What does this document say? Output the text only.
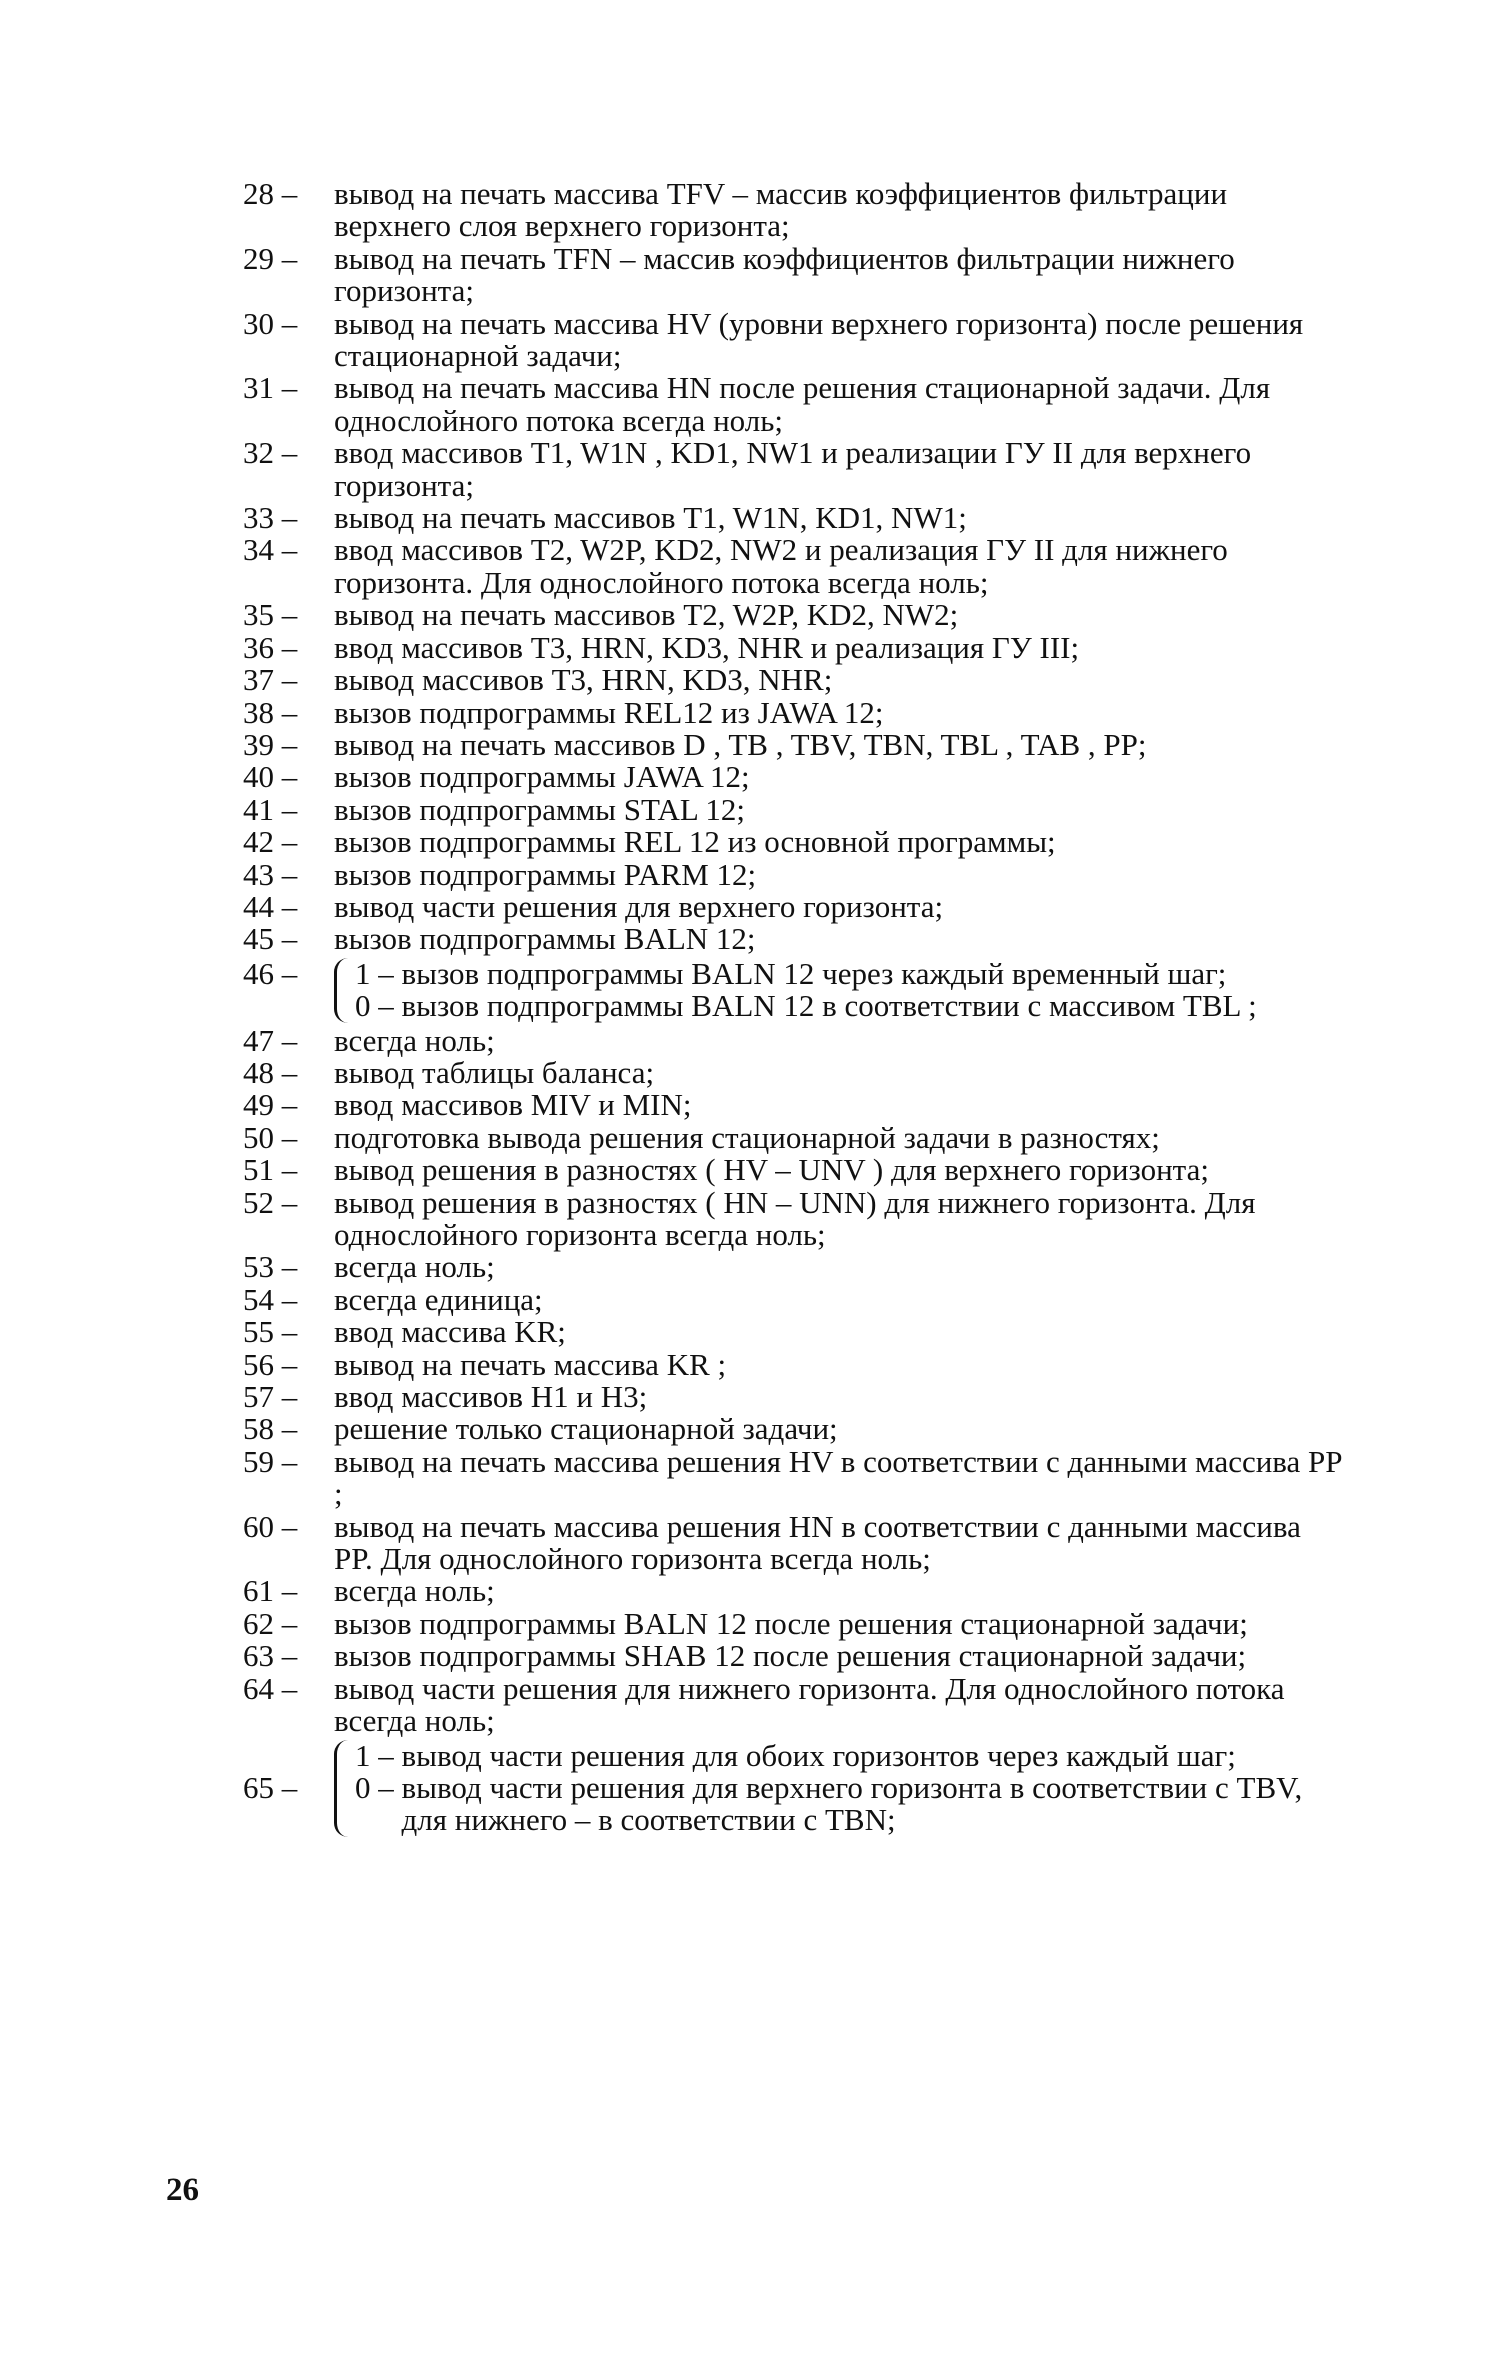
28 –	вывод на печать массива TFV – массив коэффициентов фильтрации верхнего слоя верхнего горизонта;
29 –	вывод на печать TFN – массив коэффициентов фильтрации нижнего горизонта;
30 –	вывод на печать массива HV (уровни верхнего горизонта) после решения стационарной задачи;
31 –	вывод на печать массива HN после решения стационарной задачи. Для однослойного потока всегда ноль;
32 –	ввод массивов T1, W1N , KD1, NW1 и реализации ГУ II для верхнего горизонта;
33 –	вывод на печать массивов T1, W1N, KD1, NW1;
34 –	ввод массивов T2, W2P, KD2, NW2 и реализация ГУ II для нижнего горизонта. Для однослойного потока всегда ноль;
35 –	вывод на печать массивов T2, W2P, KD2, NW2;
36 –	ввод массивов T3, HRN, KD3, NHR и реализация ГУ III;
37 –	вывод массивов T3, HRN, KD3, NHR;
38 –	вызов подпрограммы REL12 из JAWA 12;
39 –	вывод на печать массивов D , TB , TBV, TBN, TBL , TAB , PP;
40 –	вызов подпрограммы JAWA 12;
41 –	вызов подпрограммы STAL 12;
42 –	вызов подпрограммы REL 12 из основной программы;
43 –	вызов подпрограммы PARM 12;
44 –	вывод части решения для верхнего горизонта;
45 –	вызов подпрограммы BALN 12;
46 –	1 – вызов подпрограммы BALN 12 через каждый временный шаг;
0 – вызов подпрограммы BALN 12 в соответствии с массивом TBL ;
47 –	всегда ноль;
48 –	вывод таблицы баланса;
49 –	ввод массивов MIV и MIN;
50 –	подготовка вывода решения стационарной задачи в разностях;
51 –	вывод решения в разностях ( HV – UNV ) для верхнего горизонта;
52 –	вывод решения в разностях ( HN – UNN) для нижнего горизонта. Для однослойного горизонта всегда ноль;
53 –	всегда ноль;
54 –	всегда единица;
55 –	ввод массива KR;
56 –	вывод на печать массива KR ;
57 –	ввод массивов H1 и H3;
58 –	решение только стационарной задачи;
59 –	вывод на печать массива решения HV в соответствии с данными массива PP ;
60 –	вывод на печать массива решения HN в соответствии с данными массива PP. Для однослойного горизонта всегда ноль;
61 –	всегда ноль;
62 –	вызов подпрограммы BALN 12 после решения стационарной задачи;
63 –	вызов подпрограммы SHAB 12 после решения стационарной задачи;
64 –	вывод части решения для нижнего горизонта. Для однослойного потока всегда ноль;
65 –
1 – вывод части решения для обоих горизонтов через каждый шаг;
0 – вывод части решения для верхнего горизонта в соответствии с TBV, для нижнего – в соответствии с TBN;
26
